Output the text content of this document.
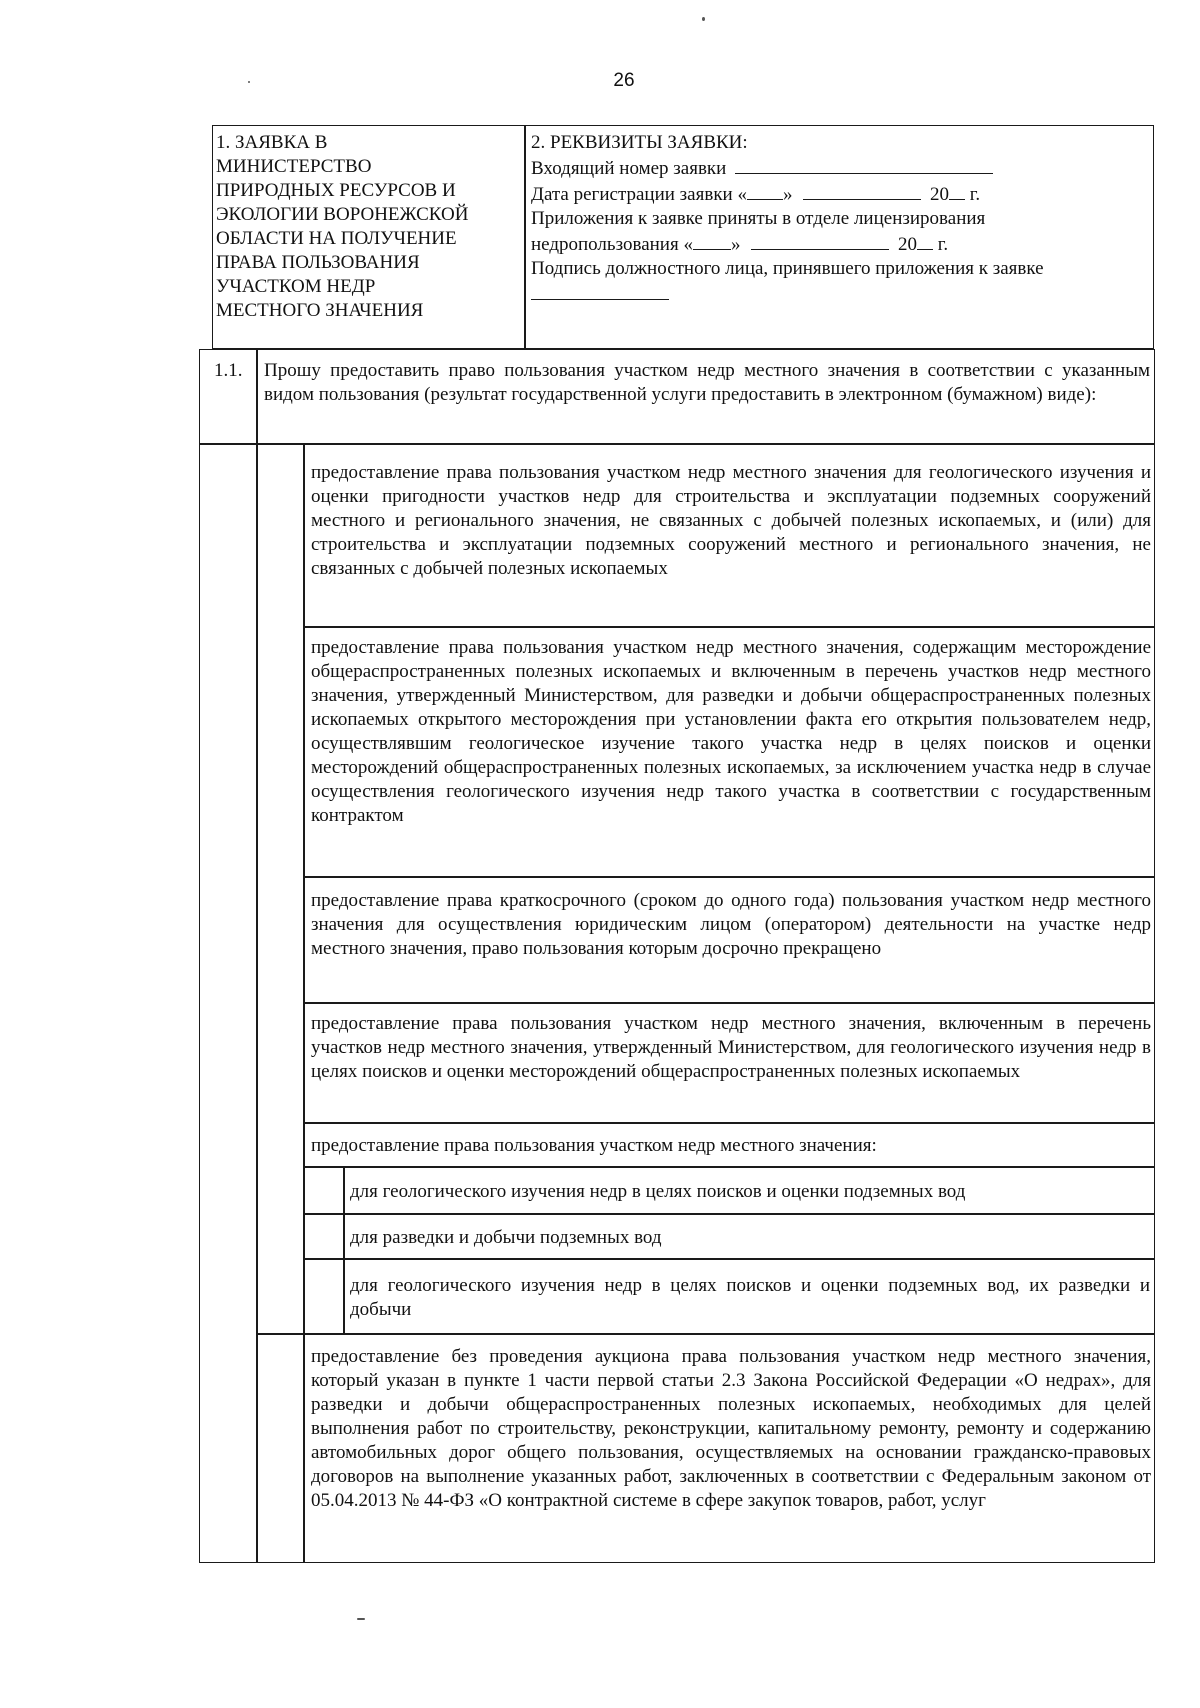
26
1. ЗАЯВКА В
МИНИСТЕРСТВО
ПРИРОДНЫХ РЕСУРСОВ И
ЭКОЛОГИИ ВОРОНЕЖСКОЙ
ОБЛАСТИ НА ПОЛУЧЕНИЕ
ПРАВА ПОЛЬЗОВАНИЯ
УЧАСТКОМ НЕДР
МЕСТНОГО ЗНАЧЕНИЯ
2. РЕКВИЗИТЫ ЗАЯВКИ:
Входящий номер заявки
Дата регистрации заявки « »	20 г.
Приложения к заявке приняты в отделе лицензирования
недропользования « »	20 г.
Подпись должностного лица, принявшего приложения к заявке
1.1. Прошу предоставить право пользования участком недр местного значения в соответствии с указанным видом пользования (результат государственной услуги предоставить в электронном (бумажном) виде):
предоставление права пользования участком недр местного значения для геологического изучения и оценки пригодности участков недр для строительства и эксплуатации подземных сооружений местного и регионального значения, не связанных с добычей полезных ископаемых, и (или) для строительства и эксплуатации подземных сооружений местного и регионального значения, не связанных с добычей полезных ископаемых
предоставление права пользования участком недр местного значения, содержащим месторождение общераспространенных полезных ископаемых и включенным в перечень участков недр местного значения, утвержденный Министерством, для разведки и добычи общераспространенных полезных ископаемых открытого месторождения при установлении факта его открытия пользователем недр, осуществлявшим геологическое изучение такого участка недр в целях поисков и оценки месторождений общераспространенных полезных ископаемых, за исключением участка недр в случае осуществления геологического изучения недр такого участка в соответствии с государственным контрактом
предоставление права краткосрочного (сроком до одного года) пользования участком недр местного значения для осуществления юридическим лицом (оператором) деятельности на участке недр местного значения, право пользования которым досрочно прекращено
предоставление права пользования участком недр местного значения, включенным в перечень участков недр местного значения, утвержденный Министерством, для геологического изучения недр в целях поисков и оценки месторождений общераспространенных полезных ископаемых
предоставление права пользования участком недр местного значения:
для геологического изучения недр в целях поисков и оценки подземных вод
для разведки и добычи подземных вод
для геологического изучения недр в целях поисков и оценки подземных вод, их разведки и добычи
предоставление без проведения аукциона права пользования участком недр местного значения, который указан в пункте 1 части первой статьи 2.3 Закона Российской Федерации «О недрах», для разведки и добычи общераспространенных полезных ископаемых, необходимых для целей выполнения работ по строительству, реконструкции, капитальному ремонту, ремонту и содержанию автомобильных дорог общего пользования, осуществляемых на основании гражданско-правовых договоров на выполнение указанных работ, заключенных в соответствии с Федеральным законом от 05.04.2013 № 44-ФЗ «О контрактной системе в сфере закупок товаров, работ, услуг
